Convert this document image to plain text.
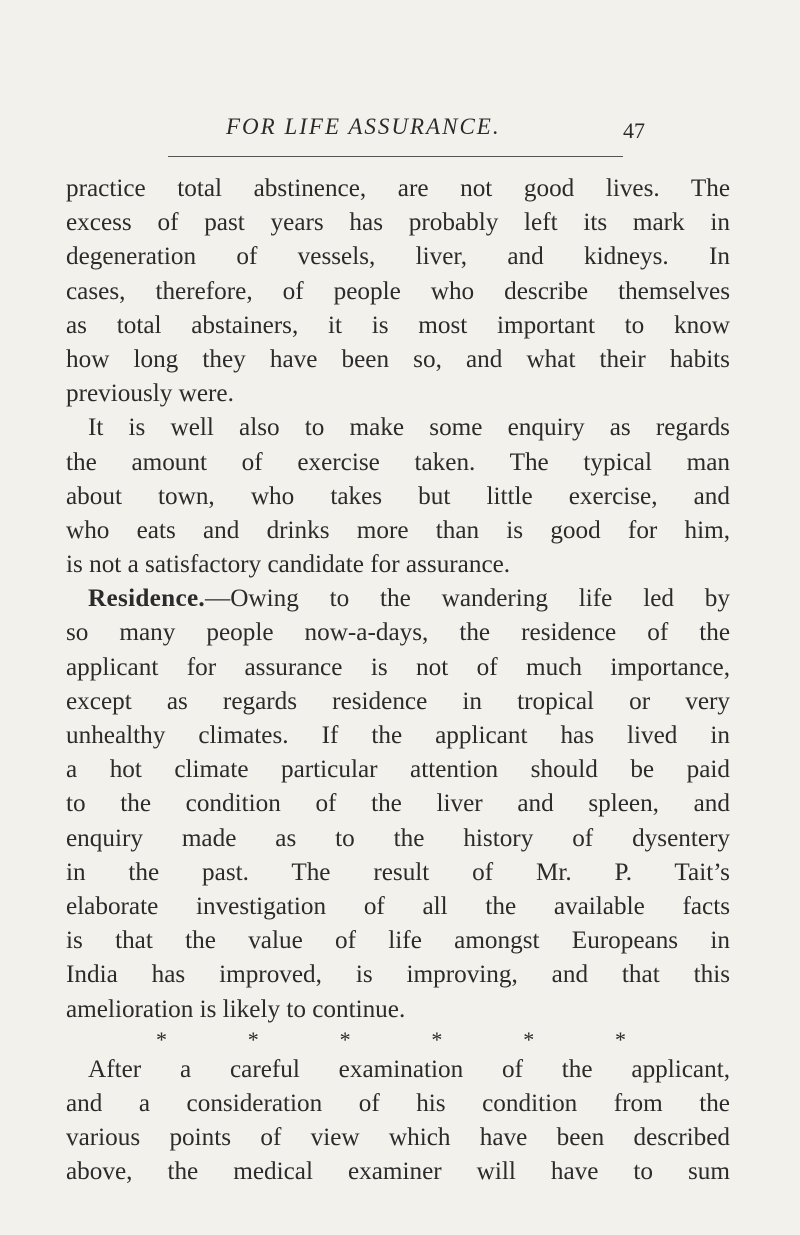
FOR LIFE ASSURANCE.	47
practice total abstinence, are not good lives. The
excess of past years has probably left its mark in
degeneration of vessels, liver, and kidneys. In
cases, therefore, of people who describe themselves
as total abstainers, it is most important to know
how long they have been so, and what their habits
previously were.
It is well also to make some enquiry as regards
the amount of exercise taken. The typical man
about town, who takes but little exercise, and
who eats and drinks more than is good for him,
is not a satisfactory candidate for assurance.
Residence.—Owing to the wandering life led by
so many people now-a-days, the residence of the
applicant for assurance is not of much importance,
except as regards residence in tropical or very
unhealthy climates. If the applicant has lived in
a hot climate particular attention should be paid
to the condition of the liver and spleen, and
enquiry made as to the history of dysentery
in the past. The result of Mr. P. Tait’s
elaborate investigation of all the available facts
is that the value of life amongst Europeans in
India has improved, is improving, and that this
amelioration is likely to continue.
*	*	*	*	*	*
After a careful examination of the applicant,
and a consideration of his condition from the
various points of view which have been described
above, the medical examiner will have to sum
